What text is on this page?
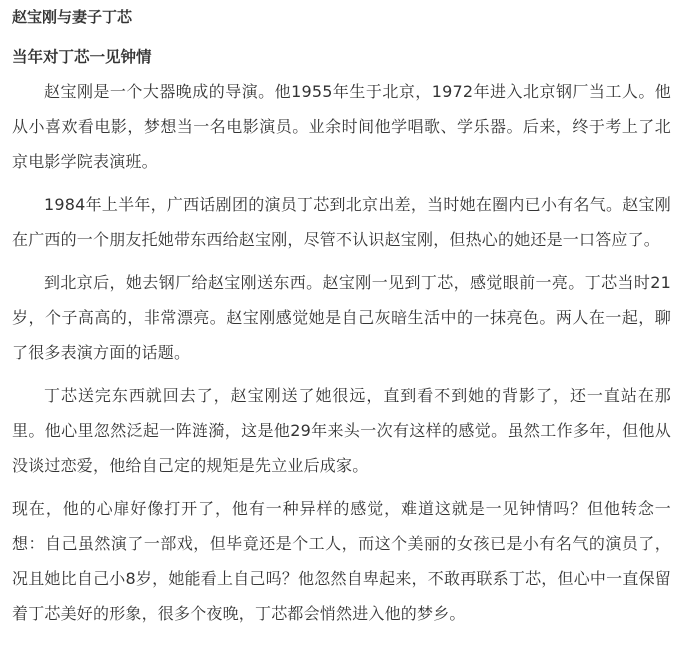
赵宝刚与妻子丁芯
当年对丁芯一见钟情

赵宝刚是一个大器晚成的导演。他1955年生于北京，1972年进入北京钢厂当工人。他从小喜欢看电影，梦想当一名电影演员。业余时间他学唱歌、学乐器。后来，终于考上了北京电影学院表演班。

1984年上半年，广西话剧团的演员丁芯到北京出差，当时她在圈内已小有名气。赵宝刚在广西的一个朋友托她带东西给赵宝刚，尽管不认识赵宝刚，但热心的她还是一口答应了。

到北京后，她去钢厂给赵宝刚送东西。赵宝刚一见到丁芯，感觉眼前一亮。丁芯当时21岁，个子高高的，非常漂亮。赵宝刚感觉她是自己灰暗生活中的一抹亮色。两人在一起，聊了很多表演方面的话题。

丁芯送完东西就回去了，赵宝刚送了她很远，直到看不到她的背影了，还一直站在那里。他心里忽然泛起一阵涟漪，这是他29年来头一次有这样的感觉。虽然工作多年，但他从没谈过恋爱，他给自己定的规矩是先立业后成家。

现在，他的心扉好像打开了，他有一种异样的感觉，难道这就是一见钟情吗？但他转念一想：自己虽然演了一部戏，但毕竟还是个工人，而这个美丽的女孩已是小有名气的演员了，况且她比自己小8岁，她能看上自己吗？他忽然自卑起来，不敢再联系丁芯，但心中一直保留着丁芯美好的形象，很多个夜晚，丁芯都会悄然进入他的梦乡。
